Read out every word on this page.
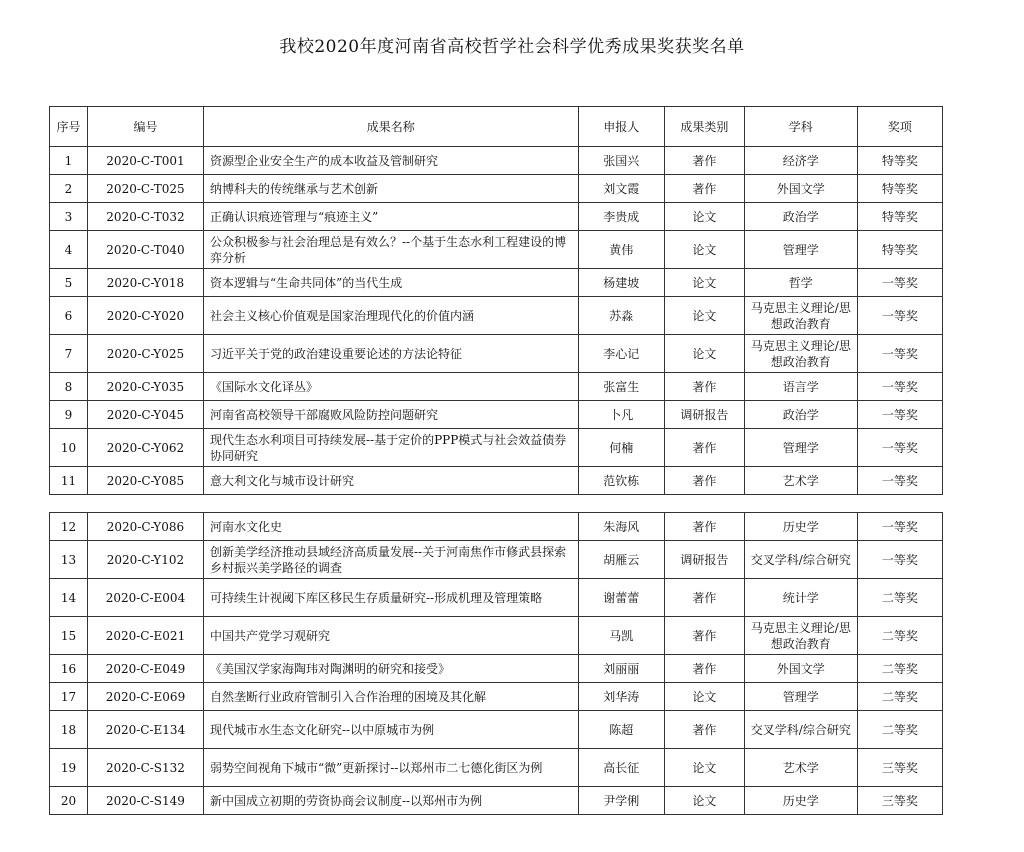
我校2020年度河南省高校哲学社会科学优秀成果奖获奖名单
序号	编号	成果名称	申报人	成果类别	学科	奖项
1	2020-C-T001	资源型企业安全生产的成本收益及管制研究	张国兴	著作	经济学	特等奖
2	2020-C-T025	纳博科夫的传统继承与艺术创新	刘文霞	著作	外国文学	特等奖
3	2020-C-T032	正确认识痕迹管理与“痕迹主义”	李贵成	论文	政治学	特等奖
4	2020-C-T040	公众积极参与社会治理总是有效么？--个基于生态水利工程建设的博弈分析	黄伟	论文	管理学	特等奖
5	2020-C-Y018	资本逻辑与“生命共同体”的当代生成	杨建坡	论文	哲学	一等奖
6	2020-C-Y020	社会主义核心价值观是国家治理现代化的价值内涵	苏淼	论文	马克思主义理论/思想政治教育	一等奖
7	2020-C-Y025	习近平关于党的政治建设重要论述的方法论特征	李心记	论文	马克思主义理论/思想政治教育	一等奖
8	2020-C-Y035	《国际水文化译丛》	张富生	著作	语言学	一等奖
9	2020-C-Y045	河南省高校领导干部腐败风险防控问题研究	卜凡	调研报告	政治学	一等奖
10	2020-C-Y062	现代生态水利项目可持续发展--基于定价的PPP模式与社会效益债券协同研究	何楠	著作	管理学	一等奖
11	2020-C-Y085	意大利文化与城市设计研究	范钦栋	著作	艺术学	一等奖
12	2020-C-Y086	河南水文化史	朱海风	著作	历史学	一等奖
13	2020-C-Y102	创新美学经济推动县域经济高质量发展--关于河南焦作市修武县探索乡村振兴美学路径的调查	胡雁云	调研报告	交叉学科/综合研究	一等奖
14	2020-C-E004	可持续生计视阈下库区移民生存质量研究--形成机理及管理策略	谢蕾蕾	著作	统计学	二等奖
15	2020-C-E021	中国共产党学习观研究	马凯	著作	马克思主义理论/思想政治教育	二等奖
16	2020-C-E049	《美国汉学家海陶玮对陶渊明的研究和接受》	刘丽丽	著作	外国文学	二等奖
17	2020-C-E069	自然垄断行业政府管制引入合作治理的困境及其化解	刘华涛	论文	管理学	二等奖
18	2020-C-E134	现代城市水生态文化研究--以中原城市为例	陈超	著作	交叉学科/综合研究	二等奖
19	2020-C-S132	弱势空间视角下城市“微”更新探讨--以郑州市二七德化街区为例	高长征	论文	艺术学	三等奖
20	2020-C-S149	新中国成立初期的劳资协商会议制度--以郑州市为例	尹学俐	论文	历史学	三等奖
